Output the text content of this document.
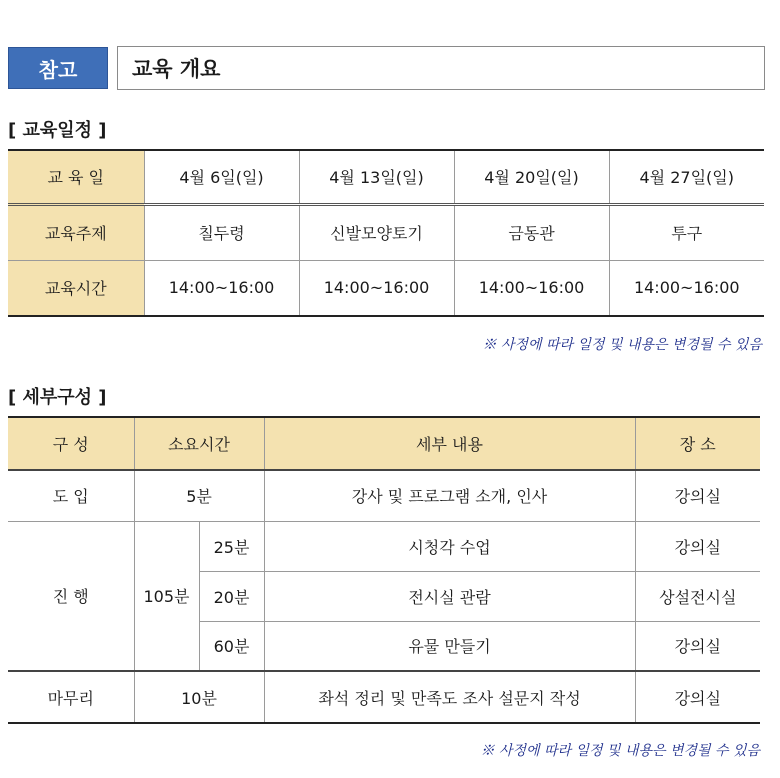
참고	교육 개요
[ 교육일정 ]
교 육 일	4월 6일(일)	4월 13일(일)	4월 20일(일)	4월 27일(일)
교육주제	칠두령	신발모양토기	금동관	투구
교육시간	14:00~16:00	14:00~16:00	14:00~16:00	14:00~16:00
※ 사정에 따라 일정 및 내용은 변경될 수 있음
[ 세부구성 ]
구 성	소요시간		세부 내용	장 소
도 입	5분		강사 및 프로그램 소개, 인사	강의실
진 행	105분	25분	시청각 수업	강의실
		20분	전시실 관람	상설전시실
		60분	유물 만들기	강의실
마무리	10분		좌석 정리 및 만족도 조사 설문지 작성	강의실
※ 사정에 따라 일정 및 내용은 변경될 수 있음
